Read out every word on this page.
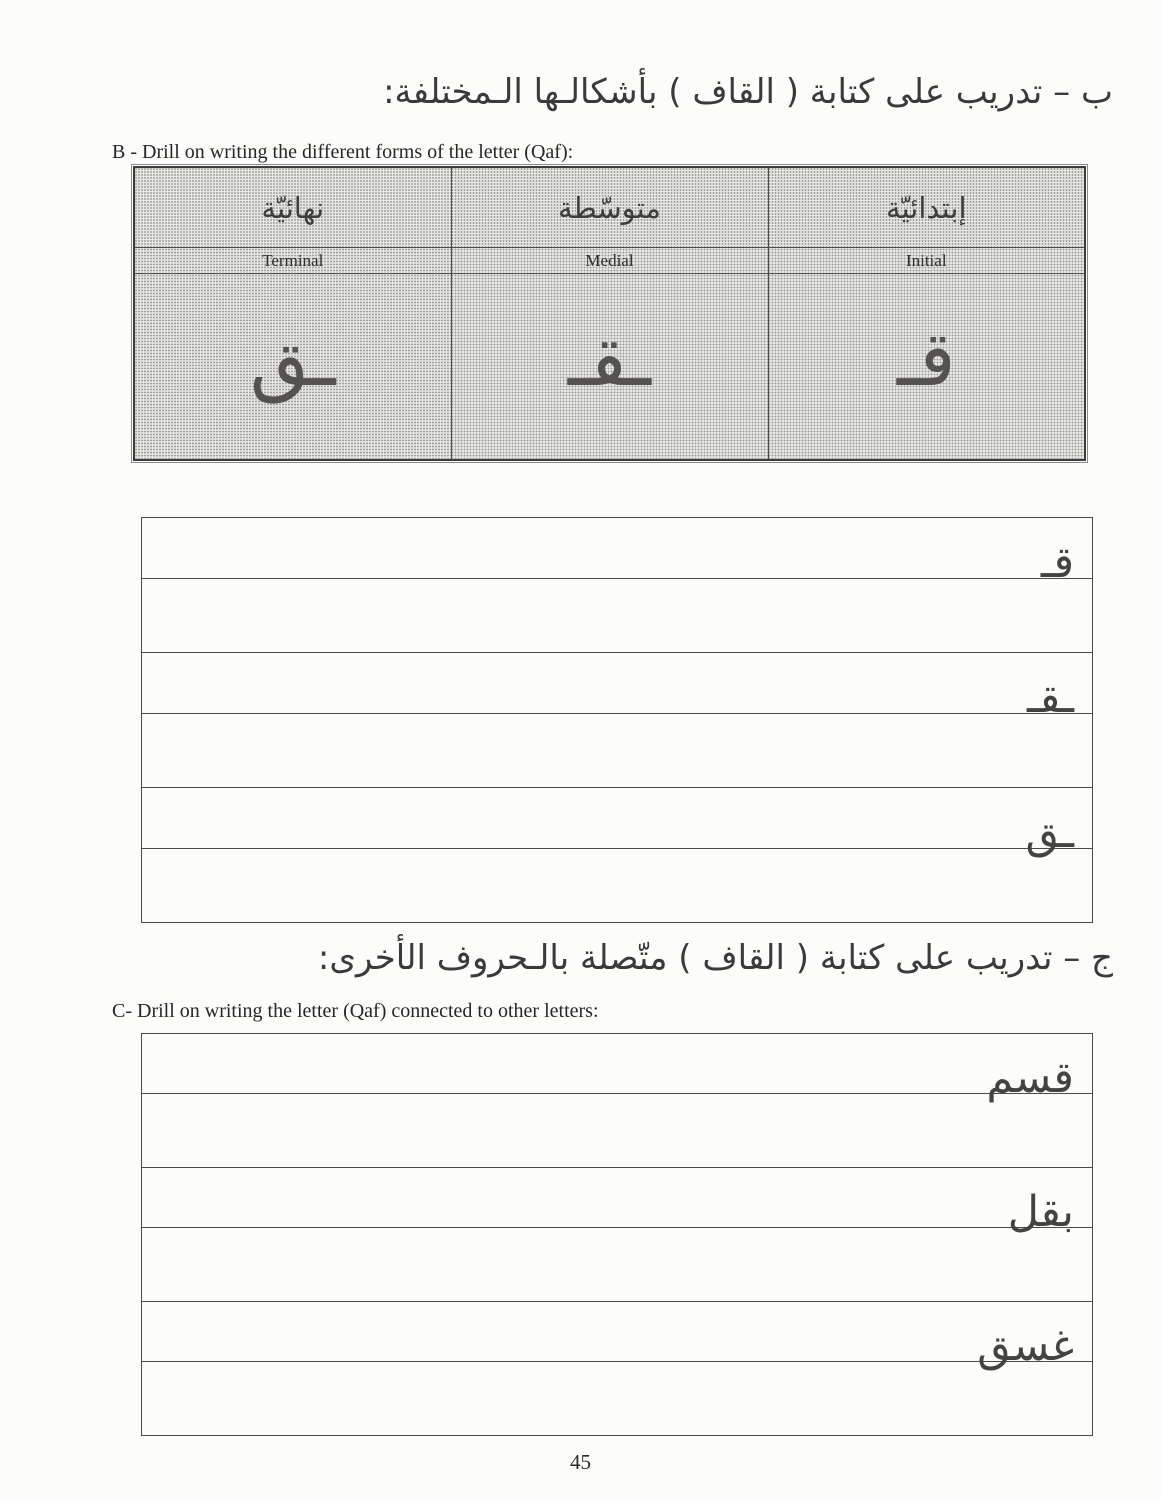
ب – تدريب على كتابة ( القاف ) بأشكالـها الـمختلفة:
B - Drill on writing the different forms of the letter (Qaf):
نهائيّة	متوسّطة	إبتدائيّة
Terminal	Medial	Initial
ـق	ـقـ	قـ
قـ
ـقـ
ـق
ج – تدريب على كتابة ( القاف ) متّصلة بالـحروف الأخرى:
C- Drill on writing the letter (Qaf) connected to other letters:
قسم
بقل
غسق
45
